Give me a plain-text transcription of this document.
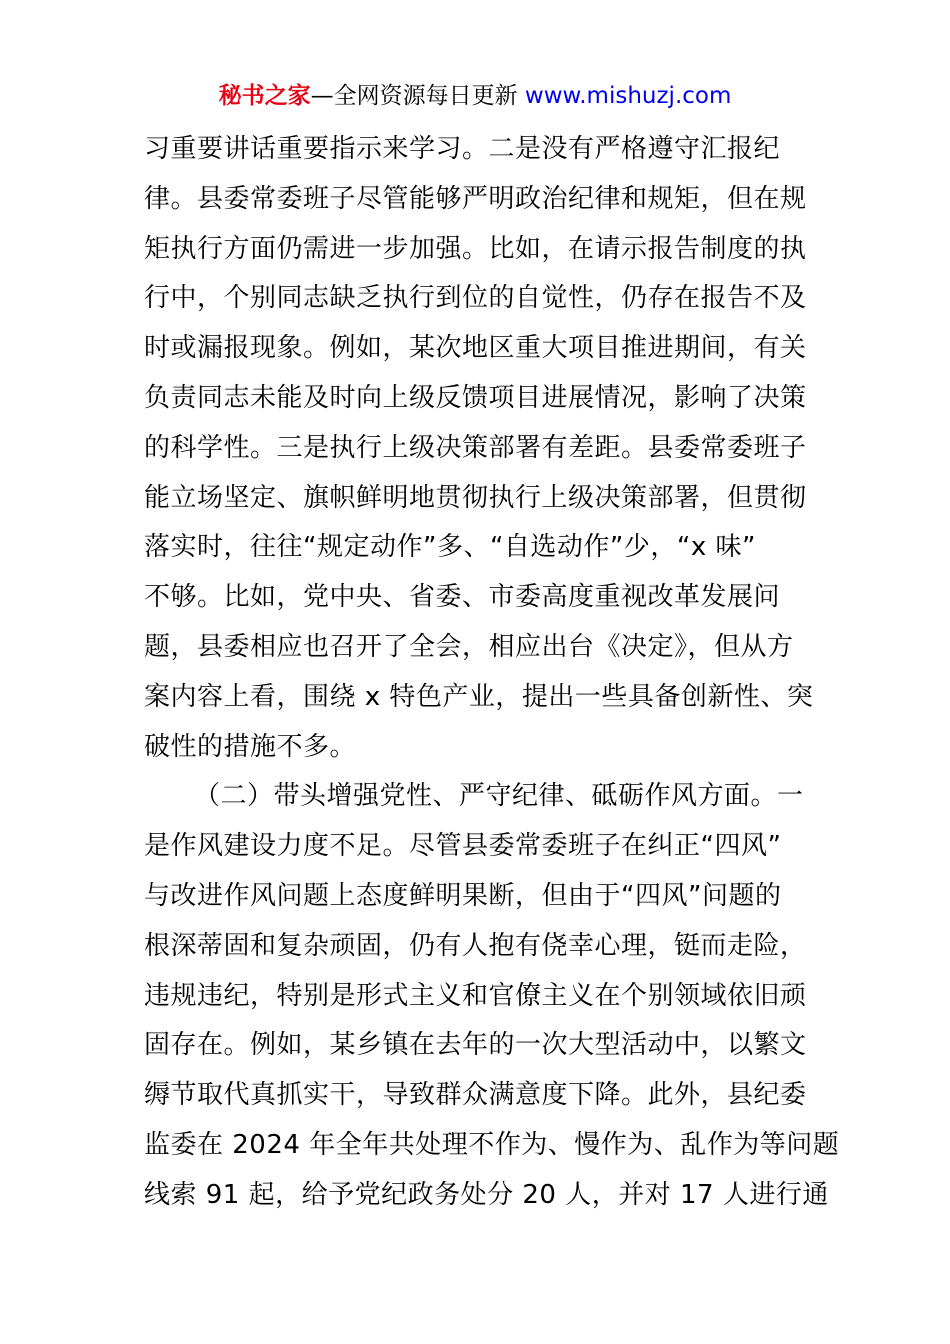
秘书之家—全网资源每日更新 www.mishuzj.com
习重要讲话重要指示来学习。二是没有严格遵守汇报纪
律。县委常委班子尽管能够严明政治纪律和规矩，但在规
矩执行方面仍需进一步加强。比如，在请示报告制度的执
行中，个别同志缺乏执行到位的自觉性，仍存在报告不及
时或漏报现象。例如，某次地区重大项目推进期间，有关
负责同志未能及时向上级反馈项目进展情况，影响了决策
的科学性。三是执行上级决策部署有差距。县委常委班子
能立场坚定、旗帜鲜明地贯彻执行上级决策部署，但贯彻
落实时，往往“规定动作”多、“自选动作”少，“x 味”
不够。比如，党中央、省委、市委高度重视改革发展问
题，县委相应也召开了全会，相应出台《决定》，但从方
案内容上看，围绕 x 特色产业，提出一些具备创新性、突
破性的措施不多。
（二）带头增强党性、严守纪律、砥砺作风方面。一
是作风建设力度不足。尽管县委常委班子在纠正“四风”
与改进作风问题上态度鲜明果断，但由于“四风”问题的
根深蒂固和复杂顽固，仍有人抱有侥幸心理，铤而走险，
违规违纪，特别是形式主义和官僚主义在个别领域依旧顽
固存在。例如，某乡镇在去年的一次大型活动中，以繁文
缛节取代真抓实干，导致群众满意度下降。此外，县纪委
监委在 2024 年全年共处理不作为、慢作为、乱作为等问题
线索 91 起，给予党纪政务处分 20 人，并对 17 人进行通
